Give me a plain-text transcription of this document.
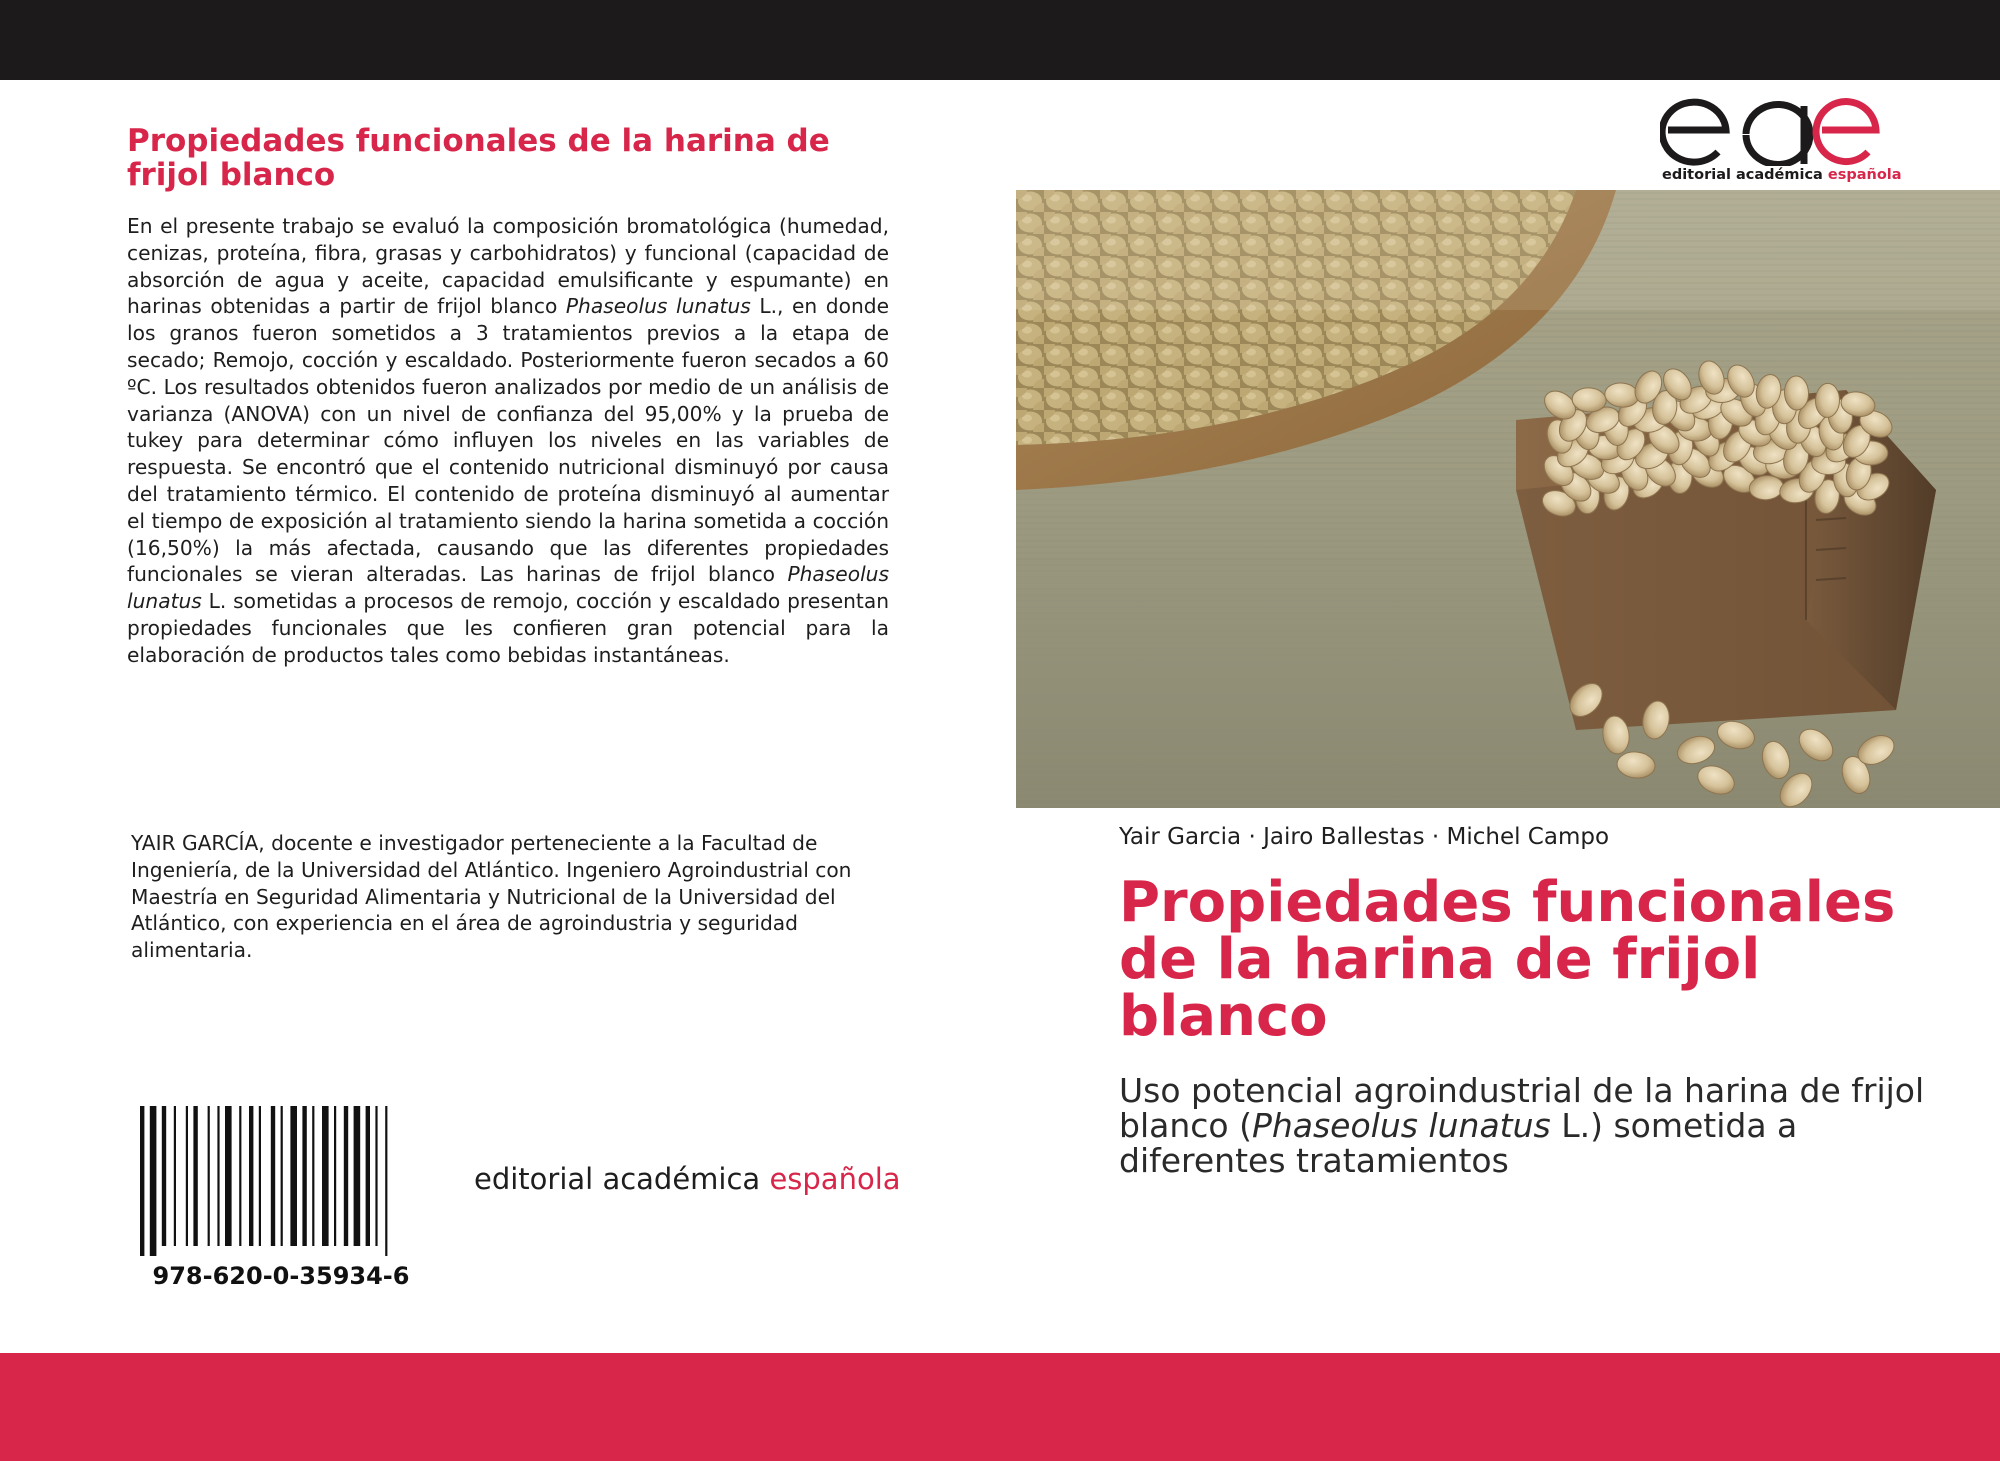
Propiedades funcionales de la harina de frijol blanco
En el presente trabajo se evaluó la composición bromatológica (humedad, cenizas, proteína, fibra, grasas y carbohidratos) y funcional (capacidad de absorción de agua y aceite, capacidad emulsificante y espumante) en harinas obtenidas a partir de frijol blanco Phaseolus lunatus L., en donde los granos fueron sometidos a 3 tratamientos previos a la etapa de secado; Remojo, cocción y escaldado. Posteriormente fueron secados a 60 ºC. Los resultados obtenidos fueron analizados por medio de un análisis de varianza (ANOVA) con un nivel de confianza del 95,00% y la prueba de tukey para determinar cómo influyen los niveles en las variables de respuesta. Se encontró que el contenido nutricional disminuyó por causa del tratamiento térmico. El contenido de proteína disminuyó al aumentar el tiempo de exposición al tratamiento siendo la harina sometida a cocción (16,50%) la más afectada, causando que las diferentes propiedades funcionales se vieran alteradas. Las harinas de frijol blanco Phaseolus lunatus L. sometidas a procesos de remojo, cocción y escaldado presentan propiedades funcionales que les confieren gran potencial para la elaboración de productos tales como bebidas instantáneas.
YAIR GARCÍA, docente e investigador perteneciente a la Facultad de Ingeniería, de la Universidad del Atlántico. Ingeniero Agroindustrial con Maestría en Seguridad Alimentaria y Nutricional de la Universidad del Atlántico, con experiencia en el área de agroindustria y seguridad alimentaria.
978-620-0-35934-6
editorial académica española
editorial académica española
Yair Garcia · Jairo Ballestas · Michel Campo
Propiedades funcionales de la harina de frijol blanco
Uso potencial agroindustrial de la harina de frijol blanco (Phaseolus lunatus L.) sometida a diferentes tratamientos
